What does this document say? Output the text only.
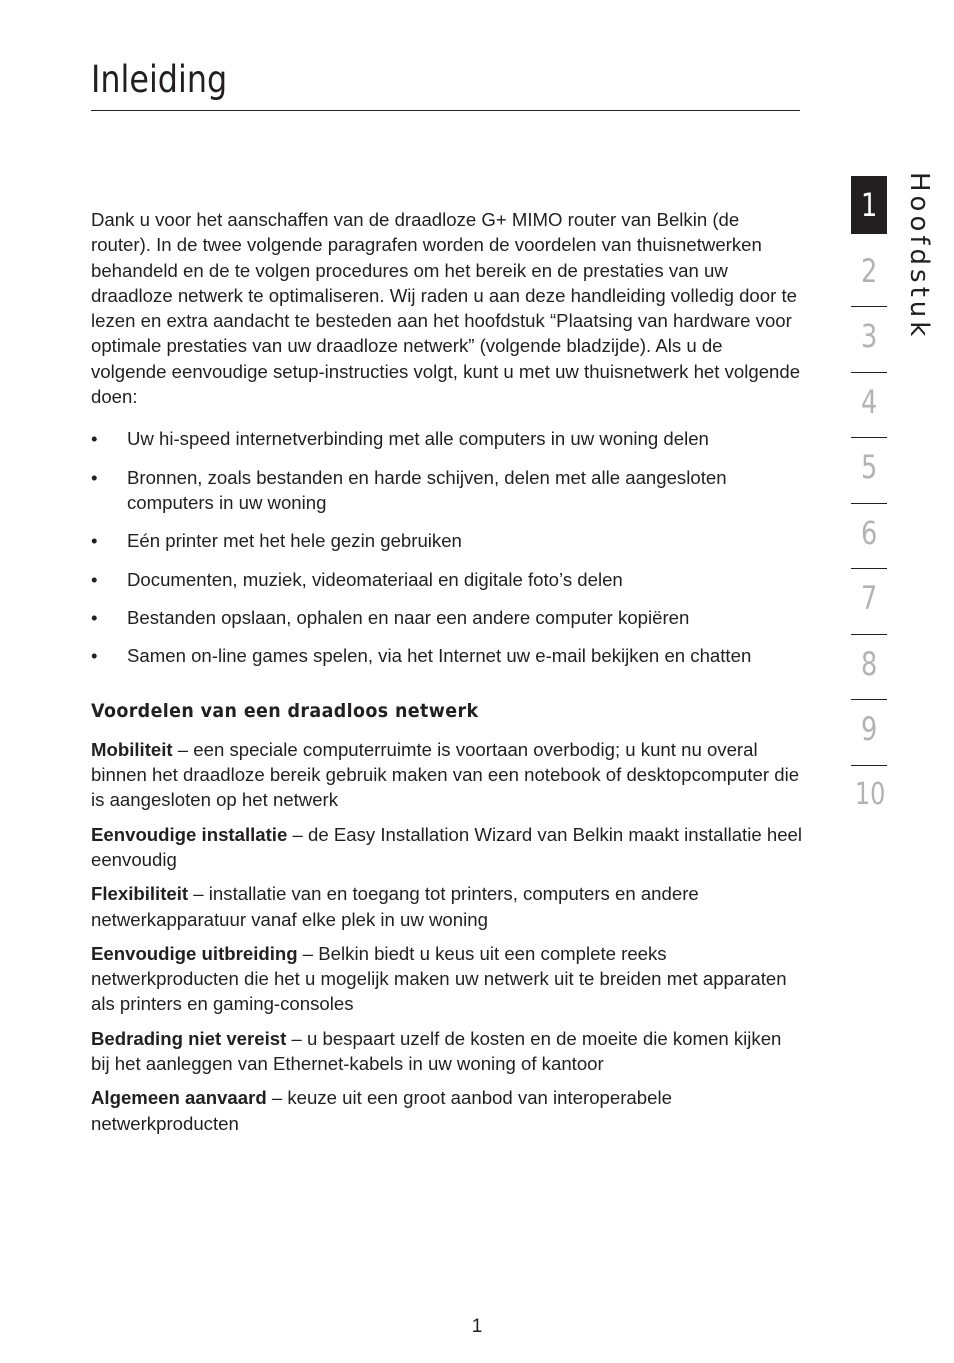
Inleiding

Dank u voor het aanschaffen van de draadloze G+ MIMO router van Belkin (de router). In de twee volgende paragrafen worden de voordelen van thuisnetwerken behandeld en de te volgen procedures om het bereik en de prestaties van uw draadloze netwerk te optimaliseren. Wij raden u aan deze handleiding volledig door te lezen en extra aandacht te besteden aan het hoofdstuk “Plaatsing van hardware voor optimale prestaties van uw draadloze netwerk” (volgende bladzijde). Als u de volgende eenvoudige setup-instructies volgt, kunt u met uw thuisnetwerk het volgende doen:

• Uw hi-speed internetverbinding met alle computers in uw woning delen
• Bronnen, zoals bestanden en harde schijven, delen met alle aangesloten computers in uw woning
• Eén printer met het hele gezin gebruiken
• Documenten, muziek, videomateriaal en digitale foto’s delen
• Bestanden opslaan, ophalen en naar een andere computer kopiëren
• Samen on-line games spelen, via het Internet uw e-mail bekijken en chatten

Voordelen van een draadloos netwerk

Mobiliteit – een speciale computerruimte is voortaan overbodig; u kunt nu overal binnen het draadloze bereik gebruik maken van een notebook of desktopcomputer die is aangesloten op het netwerk

Eenvoudige installatie – de Easy Installation Wizard van Belkin maakt installatie heel eenvoudig

Flexibiliteit – installatie van en toegang tot printers, computers en andere netwerkapparatuur vanaf elke plek in uw woning

Eenvoudige uitbreiding – Belkin biedt u keus uit een complete reeks netwerkproducten die het u mogelijk maken uw netwerk uit te breiden met apparaten als printers en gaming-consoles

Bedrading niet vereist – u bespaart uzelf de kosten en de moeite die komen kijken bij het aanleggen van Ethernet-kabels in uw woning of kantoor

Algemeen aanvaard – keuze uit een groot aanbod van interoperabele netwerkproducten

1
2
3
4
5
6
7
8
9
10
Hoofdstuk
1
